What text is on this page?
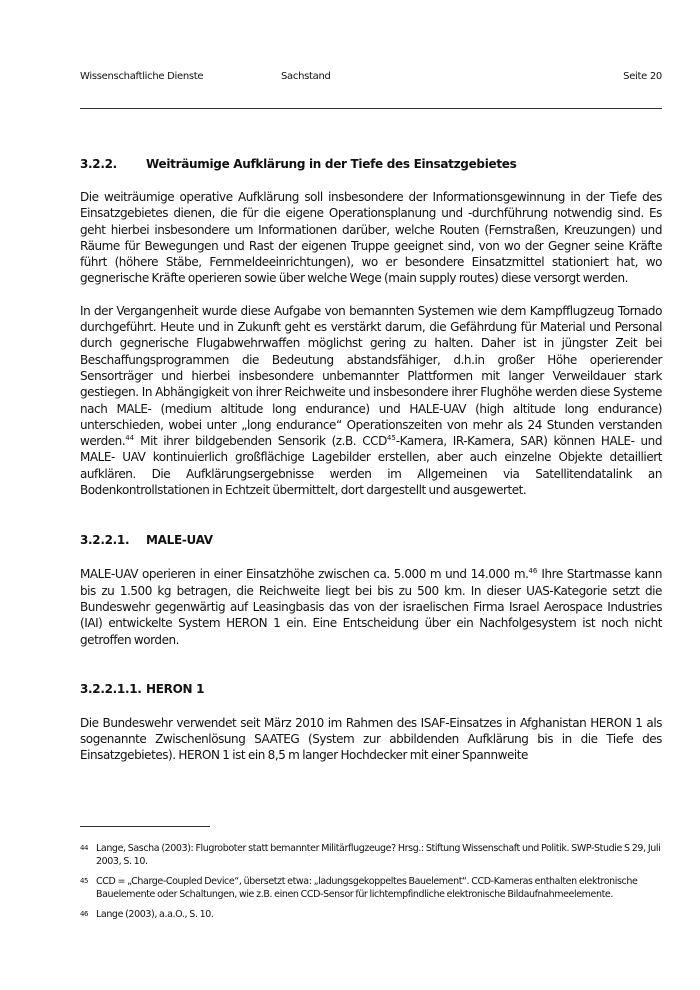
Wissenschaftliche Dienste	Sachstand	Seite 20
3.2.2.	Weiträumige Aufklärung in der Tiefe des Einsatzgebietes

Die weiträumige operative Aufklärung soll insbesondere der Informationsgewinnung in der Tiefe des Einsatzgebietes dienen, die für die eigene Operationsplanung und -durchführung notwendig sind. Es geht hierbei insbesondere um Informationen darüber, welche Routen (Fernstraßen, Kreuzungen) und Räume für Bewegungen und Rast der eigenen Truppe geeignet sind, von wo der Gegner seine Kräfte führt (höhere Stäbe, Fernmeldeeinrichtungen), wo er besondere Einsatzmittel stationiert hat, wo gegnerische Kräfte operieren sowie über welche Wege (main supply routes) diese versorgt werden.

In der Vergangenheit wurde diese Aufgabe von bemannten Systemen wie dem Kampfflugzeug Tornado durchgeführt. Heute und in Zukunft geht es verstärkt darum, die Gefährdung für Material und Personal durch gegnerische Flugabwehrwaffen möglichst gering zu halten. Daher ist in jüngster Zeit bei Beschaffungsprogrammen die Bedeutung abstandsfähiger, d.h.in großer Höhe operierender Sensorträger und hierbei insbesondere unbemannter Plattformen mit langer Verweildauer stark gestiegen. In Abhängigkeit von ihrer Reichweite und insbesondere ihrer Flughöhe werden diese Systeme nach MALE- (medium altitude long endurance) und HALE-UAV (high altitude long endurance) unterschieden, wobei unter „long endurance“ Operationszeiten von mehr als 24 Stunden verstanden werden.$^{44}$ Mit ihrer bildgebenden Sensorik (z.B. CCD$^{45}$-Kamera, IR-Kamera, SAR) können HALE- und MALE- UAV kontinuierlich großflächige Lagebilder erstellen, aber auch einzelne Objekte detailliert aufklären. Die Aufklärungsergebnisse werden im Allgemeinen via Satellitendatalink an Bodenkontrollstationen in Echtzeit übermittelt, dort dargestellt und ausgewertet.

3.2.2.1.	MALE-UAV

MALE-UAV operieren in einer Einsatzhöhe zwischen ca. 5.000 m und 14.000 m.$^{46}$ Ihre Startmasse kann bis zu 1.500 kg betragen, die Reichweite liegt bei bis zu 500 km. In dieser UAS-Kategorie setzt die Bundeswehr gegenwärtig auf Leasingbasis das von der israelischen Firma Israel Aerospace Industries (IAI) entwickelte System HERON 1 ein. Eine Entscheidung über ein Nachfolgesystem ist noch nicht getroffen worden.

3.2.2.1.1. HERON 1

Die Bundeswehr verwendet seit März 2010 im Rahmen des ISAF-Einsatzes in Afghanistan HERON 1 als sogenannte Zwischenlösung SAATEG (System zur abbildenden Aufklärung bis in die Tiefe des Einsatzgebietes). HERON 1 ist ein 8,5 m langer Hochdecker mit einer Spannweite

44 Lange, Sascha (2003): Flugroboter statt bemannter Militärflugzeuge? Hrsg.: Stiftung Wissenschaft und Politik. SWP-Studie S 29, Juli 2003, S. 10.
45 CCD = „Charge-Coupled Device“, übersetzt etwa: „ladungsgekoppeltes Bauelement“. CCD-Kameras enthalten elektronische Bauelemente oder Schaltungen, wie z.B. einen CCD-Sensor für lichtempfindliche elektronische Bildaufnahmeelemente.
46 Lange (2003), a.a.O., S. 10.
